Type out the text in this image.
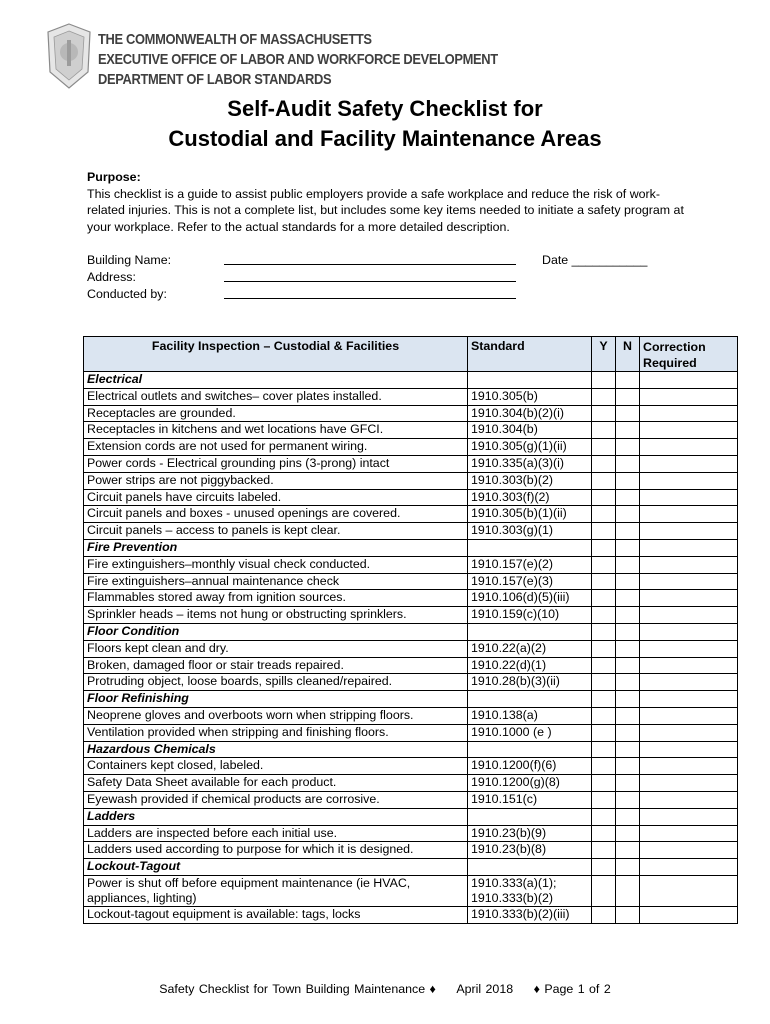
THE COMMONWEALTH OF MASSACHUSETTS
EXECUTIVE OFFICE OF LABOR AND WORKFORCE DEVELOPMENT
DEPARTMENT OF LABOR STANDARDS
Self-Audit Safety Checklist for
Custodial and Facility Maintenance Areas
Purpose:
This checklist is a guide to assist public employers provide a safe workplace and reduce the risk of work-related injuries. This is not a complete list, but includes some key items needed to initiate a safety program at your workplace. Refer to the actual standards for a more detailed description.
Building Name:	Date ___________
Address:
Conducted by:
Facility Inspection – Custodial & Facilities	Standard	Y	N	Correction Required
Electrical				
Electrical outlets and switches– cover plates installed.	1910.305(b)			
Receptacles are grounded.	1910.304(b)(2)(i)			
Receptacles in kitchens and wet locations have GFCI.	1910.304(b)			
Extension cords are not used for permanent wiring.	1910.305(g)(1)(ii)			
Power cords - Electrical grounding pins (3-prong) intact	1910.335(a)(3)(i)			
Power strips are not piggybacked.	1910.303(b)(2)			
Circuit panels have circuits labeled.	1910.303(f)(2)			
Circuit panels and boxes - unused openings are covered.	1910.305(b)(1)(ii)			
Circuit panels – access to panels is kept clear.	1910.303(g)(1)			
Fire Prevention				
Fire extinguishers–monthly visual check conducted.	1910.157(e)(2)			
Fire extinguishers–annual maintenance check	1910.157(e)(3)			
Flammables stored away from ignition sources.	1910.106(d)(5)(iii)			
Sprinkler heads – items not hung or obstructing sprinklers.	1910.159(c)(10)			
Floor Condition				
Floors kept clean and dry.	1910.22(a)(2)			
Broken, damaged floor or stair treads repaired.	1910.22(d)(1)			
Protruding object, loose boards, spills cleaned/repaired.	1910.28(b)(3)(ii)			
Floor Refinishing				
Neoprene gloves and overboots worn when stripping floors.	1910.138(a)			
Ventilation provided when stripping and finishing floors.	1910.1000 (e )			
Hazardous Chemicals				
Containers kept closed, labeled.	1910.1200(f)(6)			
Safety Data Sheet available for each product.	1910.1200(g)(8)			
Eyewash provided if chemical products are corrosive.	1910.151(c)			
Ladders				
Ladders are inspected before each initial use.	1910.23(b)(9)			
Ladders used according to purpose for which it is designed.	1910.23(b)(8)			
Lockout-Tagout				
Power is shut off before equipment maintenance (ie HVAC, appliances, lighting)	1910.333(a)(1); 1910.333(b)(2)			
Lockout-tagout equipment is available: tags, locks	1910.333(b)(2)(iii)			
Safety Checklist for Town Building Maintenance ♦ April 2018 ♦ Page 1 of 2
